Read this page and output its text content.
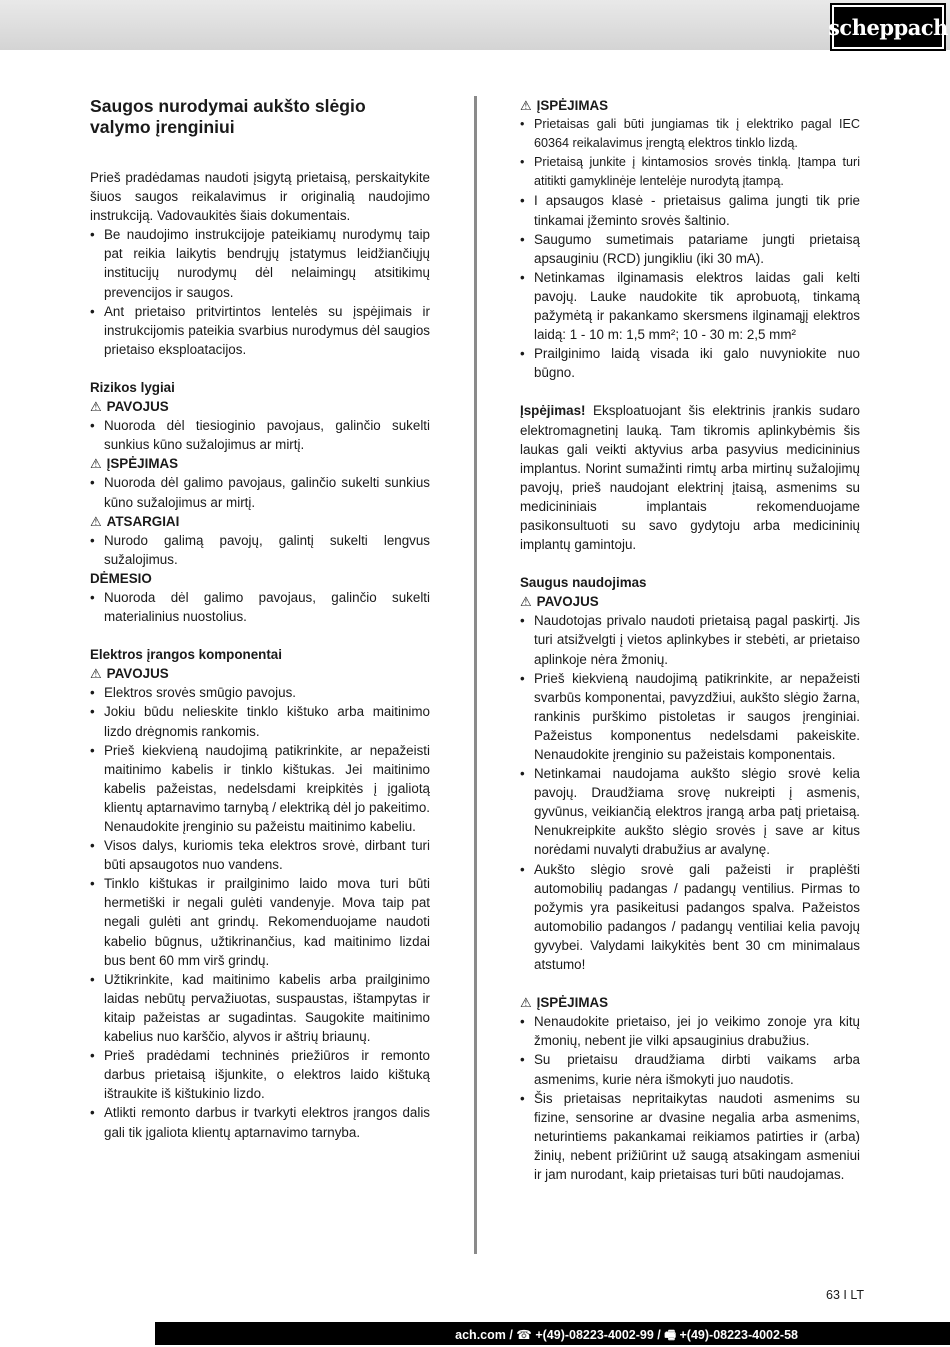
scheppach
Saugos nurodymai aukšto slėgio valymo įrenginiui

Prieš pradėdamas naudoti įsigytą prietaisą, perskaitykite šiuos saugos reikalavimus ir originalią naudojimo instrukciją. Vadovaukitės šiais dokumentais.

• Be naudojimo instrukcijoje pateikiamų nurodymų taip pat reikia laikytis bendrųjų įstatymus leidžiančiųjų institucijų nurodymų dėl nelaimingų atsitikimų prevencijos ir saugos.
• Ant prietaiso pritvirtintos lentelės su įspėjimais ir instrukcijomis pateikia svarbius nurodymus dėl saugios prietaiso eksploatacijos.

Rizikos lygiai

⚠ PAVOJUS

• Nuoroda dėl tiesioginio pavojaus, galinčio sukelti sunkius kūno sužalojimus ar mirtį.

⚠ ĮSPĖJIMAS

• Nuoroda dėl galimo pavojaus, galinčio sukelti sunkius kūno sužalojimus ar mirtį.

⚠ ATSARGIAI

• Nurodo galimą pavojų, galintį sukelti lengvus sužalojimus.

DĖMESIO

• Nuoroda dėl galimo pavojaus, galinčio sukelti materialinius nuostolius.

Elektros įrangos komponentai

⚠ PAVOJUS

• Elektros srovės smūgio pavojus.
• Jokiu būdu nelieskite tinklo kištuko arba maitinimo lizdo drėgnomis rankomis.
• Prieš kiekvieną naudojimą patikrinkite, ar nepažeisti maitinimo kabelis ir tinklo kištukas. Jei maitinimo kabelis pažeistas, nedelsdami kreipkitės į įgaliotą klientų aptarnavimo tarnybą / elektriką dėl jo pakeitimo. Nenaudokite įrenginio su pažeistu maitinimo kabeliu.
• Visos dalys, kuriomis teka elektros srovė, dirbant turi būti apsaugotos nuo vandens.
• Tinklo kištukas ir prailginimo laido mova turi būti hermetiški ir negali gulėti vandenyje. Mova taip pat negali gulėti ant grindų. Rekomenduojame naudoti kabelio būgnus, užtikrinančius, kad maitinimo lizdai bus bent 60 mm virš grindų.
• Užtikrinkite, kad maitinimo kabelis arba prailginimo laidas nebūtų pervažiuotas, suspaustas, ištampytas ir kitaip pažeistas ar sugadintas. Saugokite maitinimo kabelius nuo karščio, alyvos ir aštrių briaunų.
• Prieš pradėdami techninės priežiūros ir remonto darbus prietaisą išjunkite, o elektros laido kištuką ištraukite iš kištukinio lizdo.
• Atlikti remonto darbus ir tvarkyti elektros įrangos dalis gali tik įgaliota klientų aptarnavimo tarnyba.

⚠ ĮSPĖJIMAS

• Prietaisas gali būti jungiamas tik į elektriko pagal IEC 60364 reikalavimus įrengtą elektros tinklo lizdą.
• Prietaisą junkite į kintamosios srovės tinklą. Įtampa turi atitikti gamyklinėje lentelėje nurodytą įtampą.
• I apsaugos klasė - prietaisus galima jungti tik prie tinkamai įžeminto srovės šaltinio.
• Saugumo sumetimais patariame jungti prietaisą apsauginiu (RCD) jungikliu (iki 30 mA).
• Netinkamas ilginamasis elektros laidas gali kelti pavojų. Lauke naudokite tik aprobuotą, tinkamą pažymėtą ir pakankamo skersmens ilginamąjį elektros laidą: 1 - 10 m: 1,5 mm²; 10 - 30 m: 2,5 mm²
• Prailginimo laidą visada iki galo nuvyniokite nuo būgno.

Įspėjimas! Eksploatuojant šis elektrinis įrankis sudaro elektromagnetinį lauką. Tam tikromis aplinkybėmis šis laukas gali veikti aktyvius arba pasyvius medicininius implantus. Norint sumažinti rimtų arba mirtinų sužalojimų pavojų, prieš naudojant elektrinį įtaisą, asmenims su medicininiais implantais rekomenduojame pasikonsultuoti su savo gydytoju arba medicininių implantų gamintoju.

Saugus naudojimas

⚠ PAVOJUS

• Naudotojas privalo naudoti prietaisą pagal paskirtį. Jis turi atsižvelgti į vietos aplinkybes ir stebėti, ar prietaiso aplinkoje nėra žmonių.
• Prieš kiekvieną naudojimą patikrinkite, ar nepažeisti svarbūs komponentai, pavyzdžiui, aukšto slėgio žarna, rankinis purškimo pistoletas ir saugos įrenginiai. Pažeistus komponentus nedelsdami pakeiskite. Nenaudokite įrenginio su pažeistais komponentais.
• Netinkamai naudojama aukšto slėgio srovė kelia pavojų. Draudžiama srovę nukreipti į asmenis, gyvūnus, veikiančią elektros įrangą arba patį prietaisą. Nenukreipkite aukšto slėgio srovės į save ar kitus norėdami nuvalyti drabužius ar avalynę.
• Aukšto slėgio srovė gali pažeisti ir praplėšti automobilių padangas / padangų ventilius. Pirmas to požymis yra pasikeitusi padangos spalva. Pažeistos automobilio padangos / padangų ventiliai kelia pavojų gyvybei. Valydami laikykitės bent 30 cm minimalaus atstumo!

⚠ ĮSPĖJIMAS

• Nenaudokite prietaiso, jei jo veikimo zonoje yra kitų žmonių, nebent jie vilki apsauginius drabužius.
• Su prietaisu draudžiama dirbti vaikams arba asmenims, kurie nėra išmokyti juo naudotis.
• Šis prietaisas nepritaikytas naudoti asmenims su fizine, sensorine ar dvasine negalia arba asmenims, neturintiems pakankamai reikiamos patirties ir (arba) žinių, nebent prižiūrint už saugą atsakingam asmeniui ir jam nurodant, kaip prietaisas turi būti naudojamas.
63 I LT
ach.com / ☎ +(49)-08223-4002-99 / 🖷 +(49)-08223-4002-58
